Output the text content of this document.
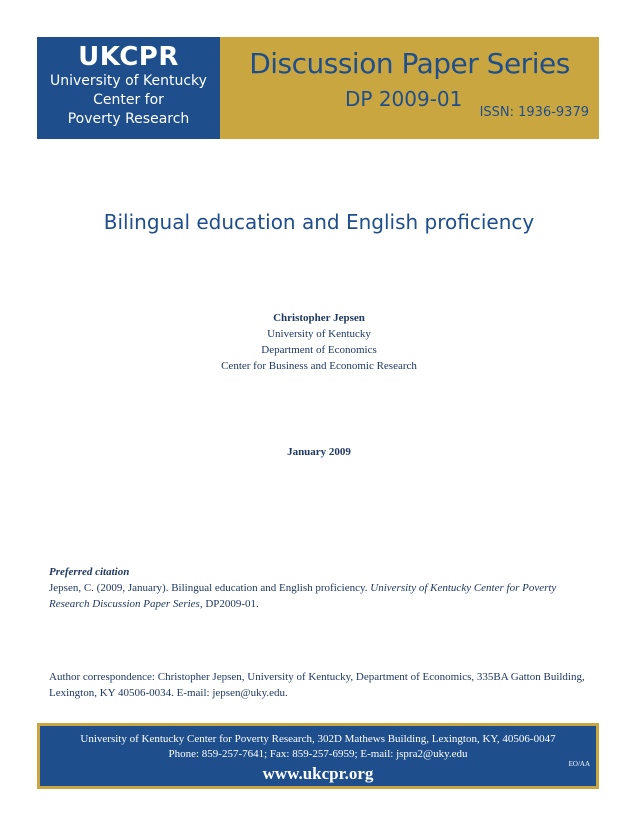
UKCPR
University of Kentucky
Center for
Poverty Research
Discussion Paper Series
DP 2009-01
ISSN: 1936-9379
Bilingual education and English proficiency
Christopher Jepsen
University of Kentucky
Department of Economics
Center for Business and Economic Research
January 2009
Preferred citation
Jepsen, C. (2009, January). Bilingual education and English proficiency. University of Kentucky Center for Poverty Research Discussion Paper Series, DP2009-01.
Author correspondence: Christopher Jepsen, University of Kentucky, Department of Economics, 335BA Gatton Building, Lexington, KY 40506-0034. E-mail: jepsen@uky.edu.
University of Kentucky Center for Poverty Research, 302D Mathews Building, Lexington, KY, 40506-0047
Phone: 859-257-7641; Fax: 859-257-6959; E-mail: jspra2@uky.edu
www.ukcpr.org	EO/AA
